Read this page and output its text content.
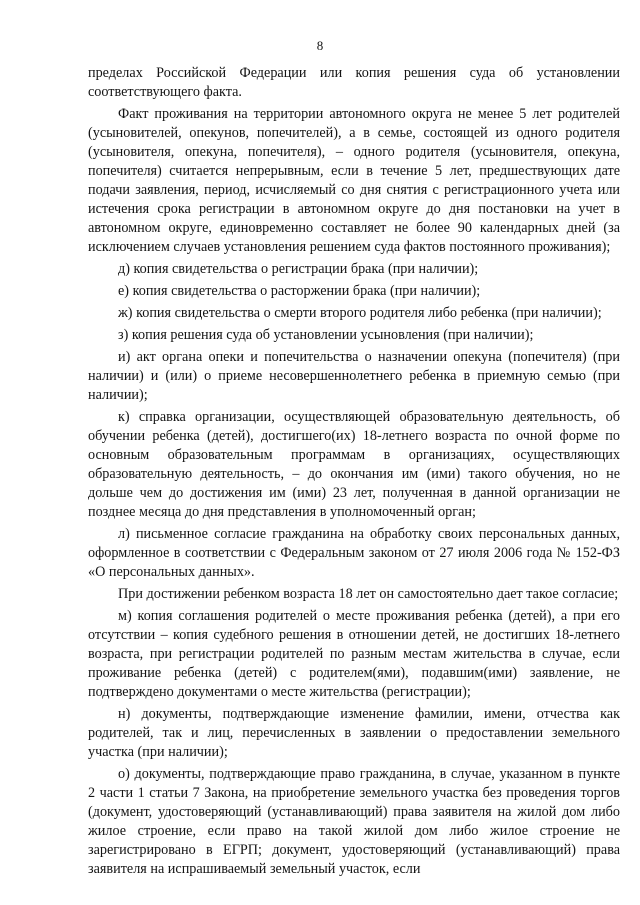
8

пределах Российской Федерации или копия решения суда об установлении соответствующего факта.

Факт проживания на территории автономного округа не менее 5 лет родителей (усыновителей, опекунов, попечителей), а в семье, состоящей из одного родителя (усыновителя, опекуна, попечителя), – одного родителя (усыновителя, опекуна, попечителя) считается непрерывным, если в течение 5 лет, предшествующих дате подачи заявления, период, исчисляемый со дня снятия с регистрационного учета или истечения срока регистрации в автономном округе до дня постановки на учет в автономном округе, единовременно составляет не более 90 календарных дней (за исключением случаев установления решением суда фактов постоянного проживания);

д) копия свидетельства о регистрации брака (при наличии);

е) копия свидетельства о расторжении брака (при наличии);

ж) копия свидетельства о смерти второго родителя либо ребенка (при наличии);

з) копия решения суда об установлении усыновления (при наличии);

и) акт органа опеки и попечительства о назначении опекуна (попечителя) (при наличии) и (или) о приеме несовершеннолетнего ребенка в приемную семью (при наличии);

к) справка организации, осуществляющей образовательную деятельность, об обучении ребенка (детей), достигшего(их) 18-летнего возраста по очной форме по основным образовательным программам в организациях, осуществляющих образовательную деятельность, – до окончания им (ими) такого обучения, но не дольше чем до достижения им (ими) 23 лет, полученная в данной организации не позднее месяца до дня представления в уполномоченный орган;

л) письменное согласие гражданина на обработку своих персональных данных, оформленное в соответствии с Федеральным законом от 27 июля 2006 года № 152-ФЗ «О персональных данных».

При достижении ребенком возраста 18 лет он самостоятельно дает такое согласие;

м) копия соглашения родителей о месте проживания ребенка (детей), а при его отсутствии – копия судебного решения в отношении детей, не достигших 18-летнего возраста, при регистрации родителей по разным местам жительства в случае, если проживание ребенка (детей) с родителем(ями), подавшим(ими) заявление, не подтверждено документами о месте жительства (регистрации);

н) документы, подтверждающие изменение фамилии, имени, отчества как родителей, так и лиц, перечисленных в заявлении о предоставлении земельного участка (при наличии);

о) документы, подтверждающие право гражданина, в случае, указанном в пункте 2 части 1 статьи 7 Закона, на приобретение земельного участка без проведения торгов (документ, удостоверяющий (устанавливающий) права заявителя на жилой дом либо жилое строение, если право на такой жилой дом либо жилое строение не зарегистрировано в ЕГРП; документ, удостоверяющий (устанавливающий) права заявителя на испрашиваемый земельный участок, если
